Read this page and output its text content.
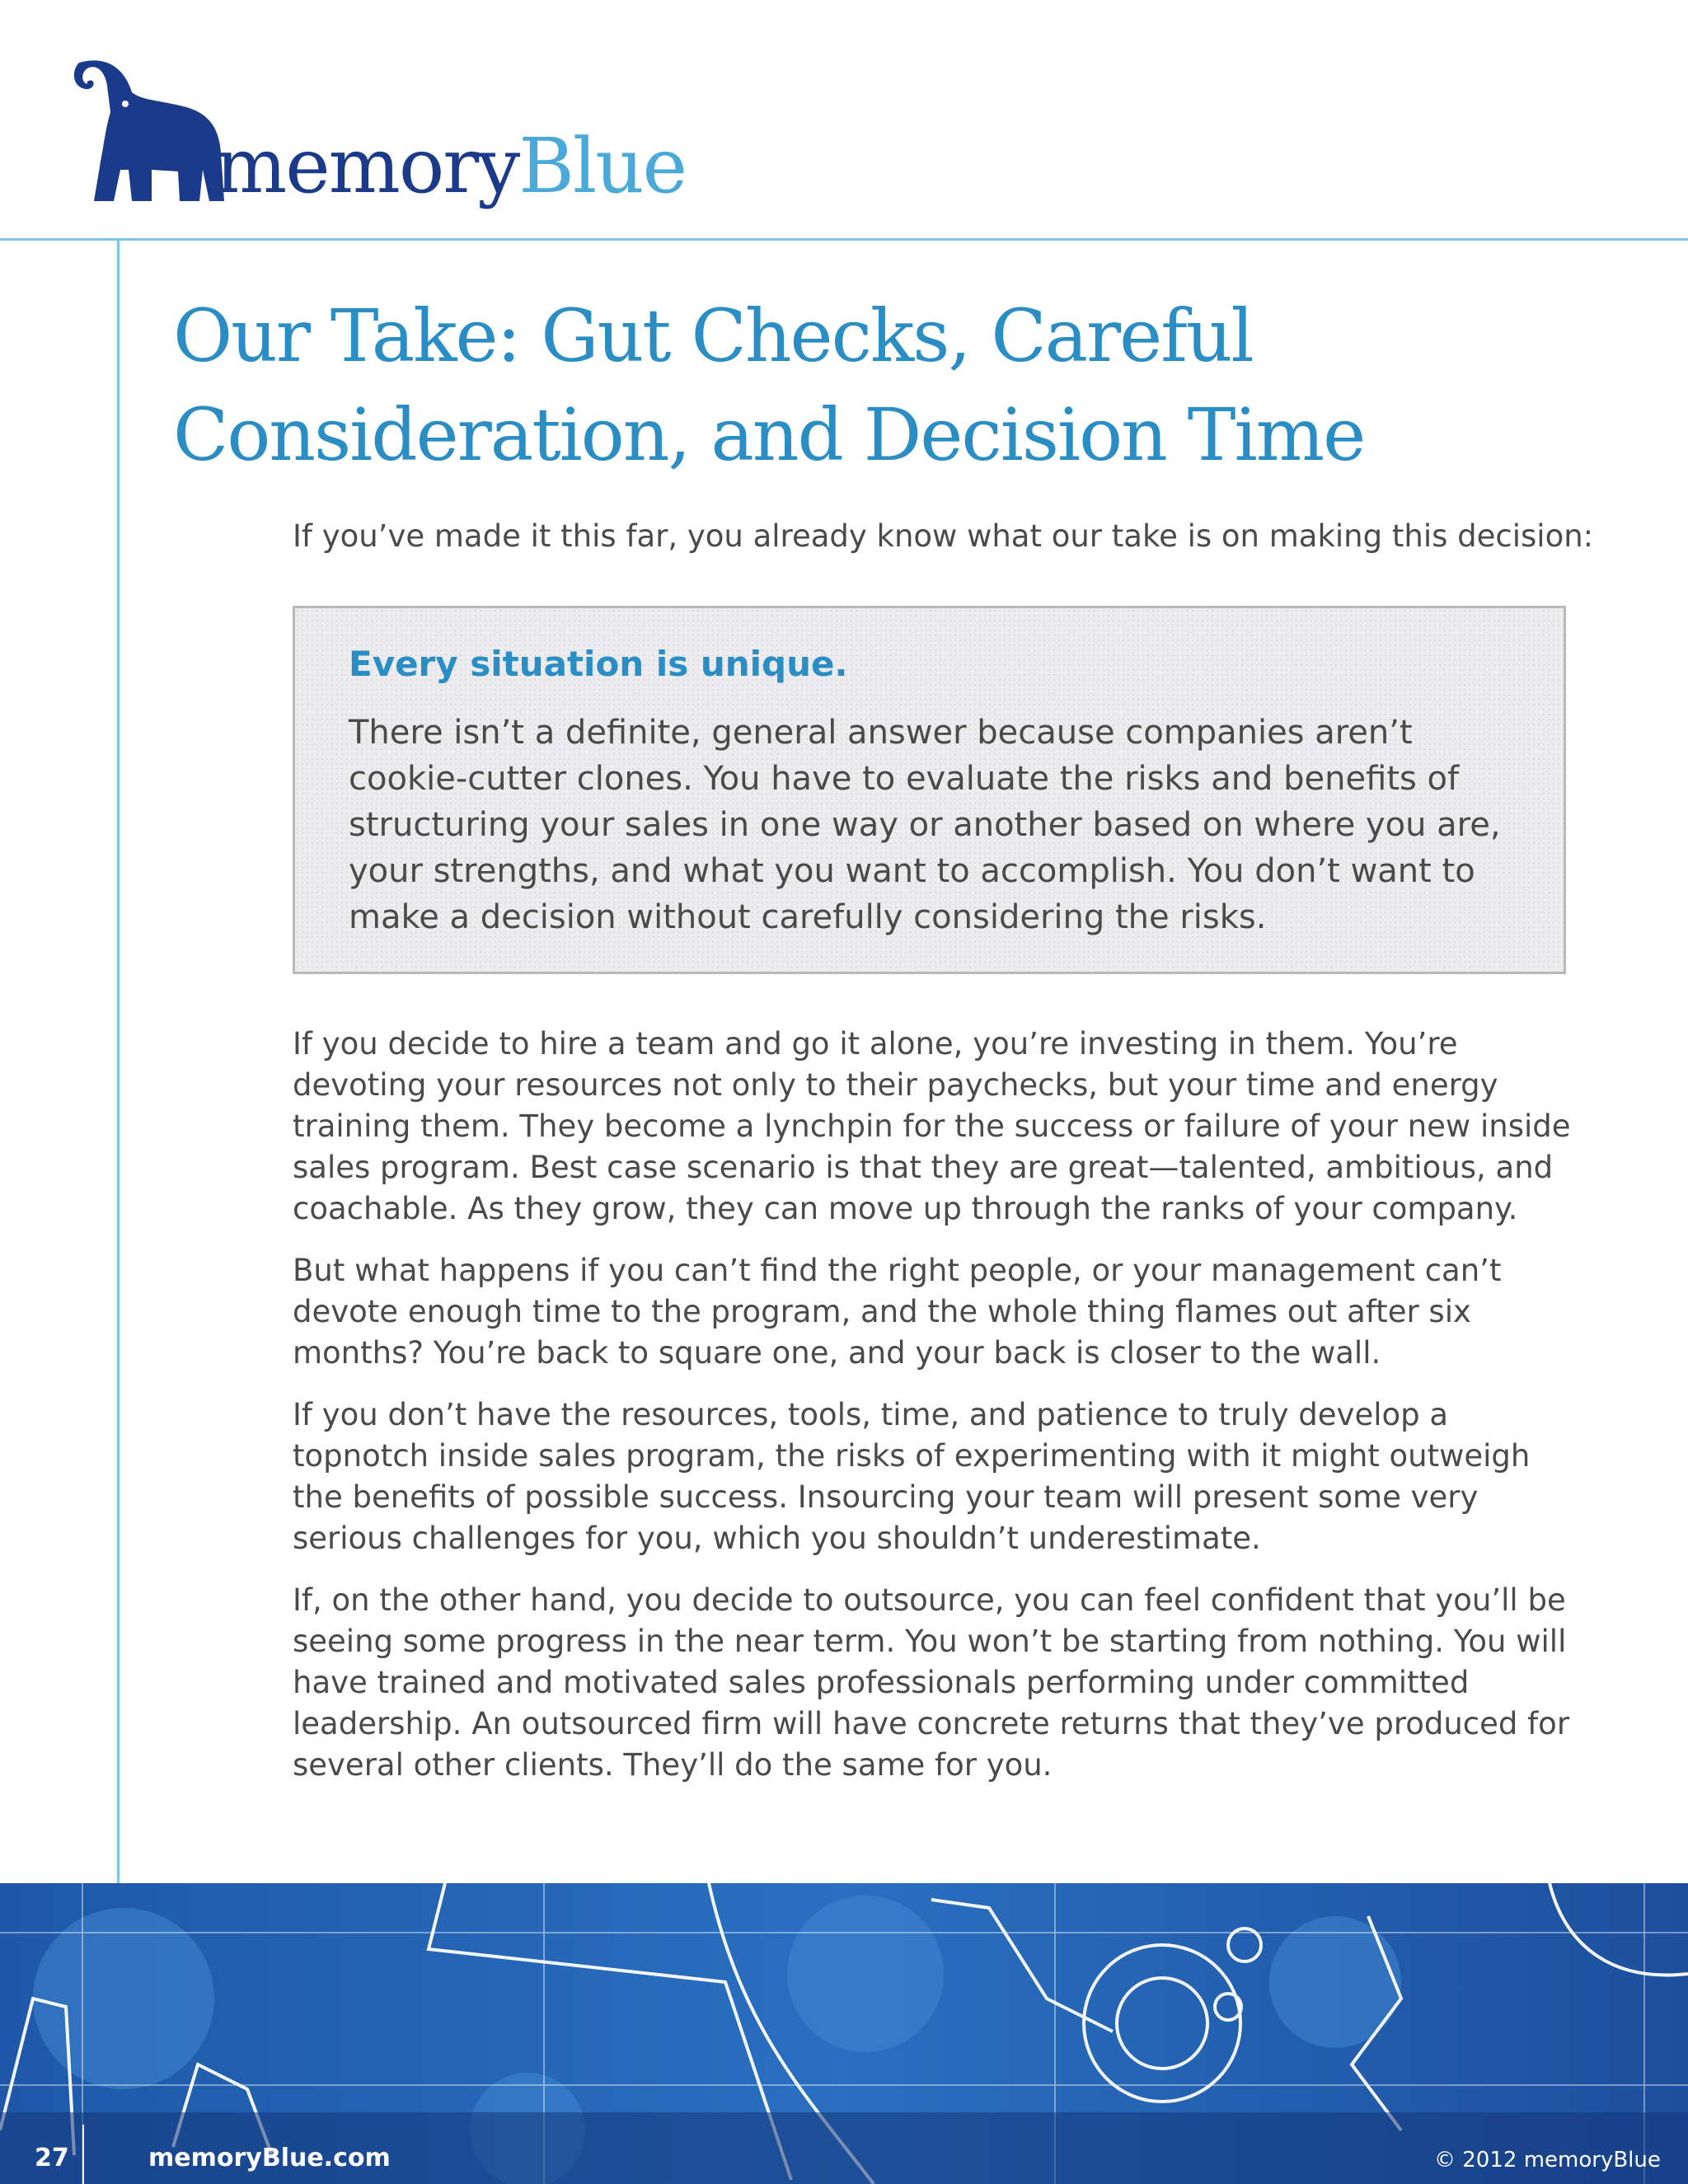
memoryBlue
Our Take: Gut Checks, Careful
Consideration, and Decision Time

If you’ve made it this far, you already know what our take is on making this decision:

Every situation is unique.

There isn’t a definite, general answer because companies aren’t cookie-cutter clones. You have to evaluate the risks and benefits of structuring your sales in one way or another based on where you are, your strengths, and what you want to accomplish. You don’t want to make a decision without carefully considering the risks.

If you decide to hire a team and go it alone, you’re investing in them. You’re devoting your resources not only to their paychecks, but your time and energy training them. They become a lynchpin for the success or failure of your new inside sales program. Best case scenario is that they are great—talented, ambitious, and coachable. As they grow, they can move up through the ranks of your company.

But what happens if you can’t find the right people, or your management can’t devote enough time to the program, and the whole thing flames out after six months? You’re back to square one, and your back is closer to the wall.

If you don’t have the resources, tools, time, and patience to truly develop a topnotch inside sales program, the risks of experimenting with it might outweigh the benefits of possible success. Insourcing your team will present some very serious challenges for you, which you shouldn’t underestimate.

If, on the other hand, you decide to outsource, you can feel confident that you’ll be seeing some progress in the near term. You won’t be starting from nothing. You will have trained and motivated sales professionals performing under committed leadership. An outsourced firm will have concrete returns that they’ve produced for several other clients. They’ll do the same for you.

27	memoryBlue.com	© 2012 memoryBlue
